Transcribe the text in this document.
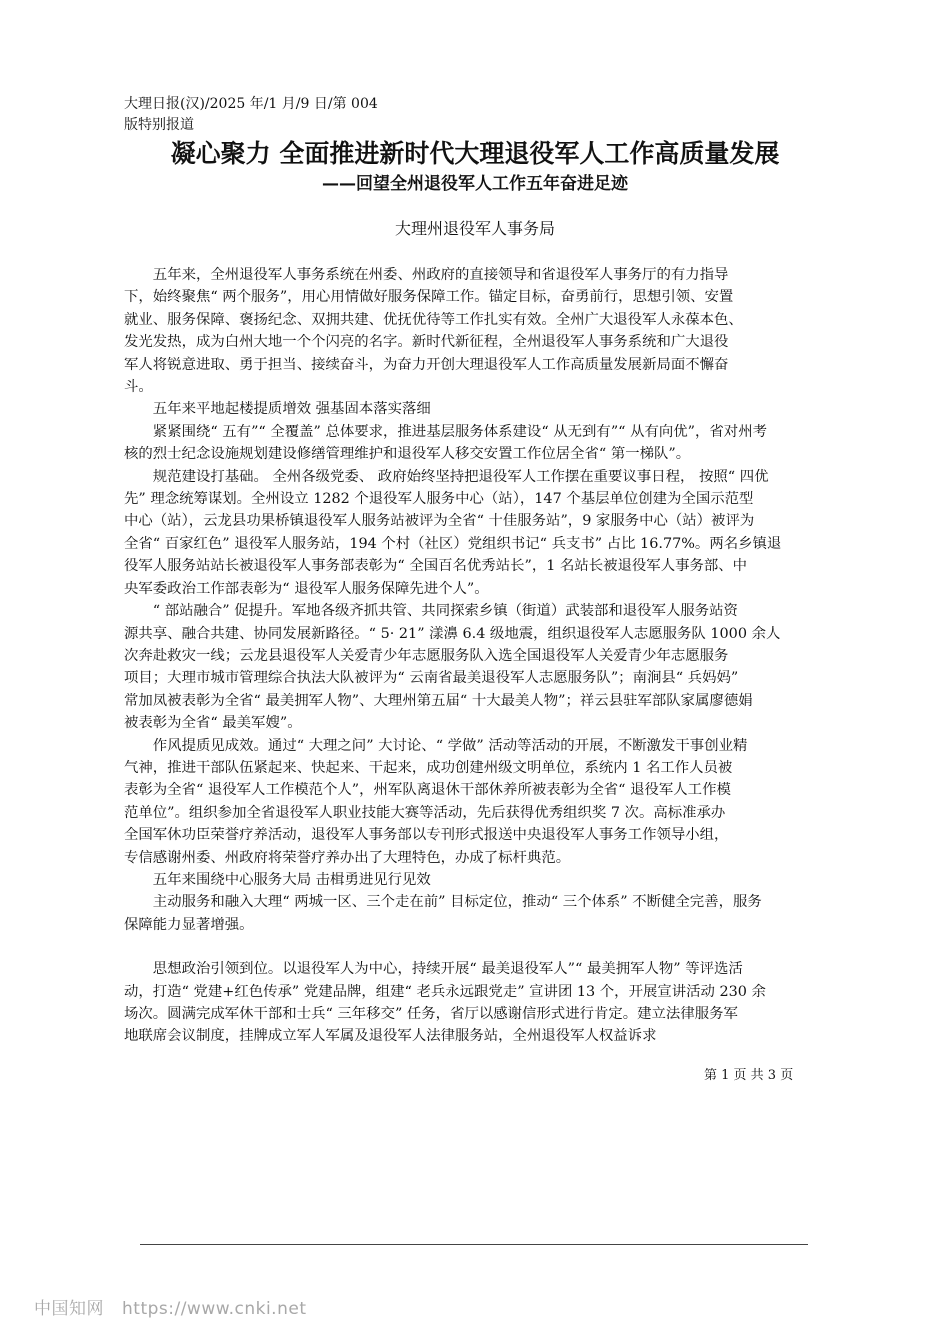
大理日报(汉)/2025 年/1 月/9 日/第 004
版特别报道
凝心聚力 全面推进新时代大理退役军人工作高质量发展
——回望全州退役军人工作五年奋进足迹
大理州退役军人事务局

五年来，全州退役军人事务系统在州委、州政府的直接领导和省退役军人事务厅的有力指导
下，始终聚焦“ 两个服务”，用心用情做好服务保障工作。锚定目标，奋勇前行，思想引领、安置
就业、服务保障、褒扬纪念、双拥共建、优抚优待等工作扎实有效。全州广大退役军人永葆本色、
发光发热，成为白州大地一个个闪亮的名字。新时代新征程，全州退役军人事务系统和广大退役
军人将锐意进取、勇于担当、接续奋斗，为奋力开创大理退役军人工作高质量发展新局面不懈奋
斗。

五年来平地起楼提质增效 强基固本落实落细

紧紧围绕“ 五有”“ 全覆盖” 总体要求，推进基层服务体系建设“ 从无到有”“ 从有向优”，省对州考
核的烈士纪念设施规划建设修缮管理维护和退役军人移交安置工作位居全省“ 第一梯队”。

规范建设打基础。 全州各级党委、 政府始终坚持把退役军人工作摆在重要议事日程， 按照“ 四优
先” 理念统筹谋划。全州设立 1282 个退役军人服务中心（站），147 个基层单位创建为全国示范型
中心（站），云龙县功果桥镇退役军人服务站被评为全省“ 十佳服务站”，9 家服务中心（站）被评为
全省“ 百家红色” 退役军人服务站，194 个村（社区）党组织书记“ 兵支书” 占比 16.77%。两名乡镇退
役军人服务站站长被退役军人事务部表彰为“ 全国百名优秀站长”，1 名站长被退役军人事务部、中
央军委政治工作部表彰为“ 退役军人服务保障先进个人”。

“ 部站融合” 促提升。军地各级齐抓共管、共同探索乡镇（街道）武装部和退役军人服务站资
源共享、融合共建、协同发展新路径。“ 5· 21” 漾濞 6.4 级地震，组织退役军人志愿服务队 1000 余人
次奔赴救灾一线；云龙县退役军人关爱青少年志愿服务队入选全国退役军人关爱青少年志愿服务
项目；大理市城市管理综合执法大队被评为“ 云南省最美退役军人志愿服务队”；南涧县“ 兵妈妈”
常加凤被表彰为全省“ 最美拥军人物”、大理州第五届“ 十大最美人物”；祥云县驻军部队家属廖德娟
被表彰为全省“ 最美军嫂”。

作风提质见成效。通过“ 大理之问” 大讨论、“ 学做” 活动等活动的开展，不断激发干事创业精
气神，推进干部队伍紧起来、快起来、干起来，成功创建州级文明单位，系统内 1 名工作人员被
表彰为全省“ 退役军人工作模范个人”，州军队离退休干部休养所被表彰为全省“ 退役军人工作模
范单位”。组织参加全省退役军人职业技能大赛等活动，先后获得优秀组织奖 7 次。高标准承办
全国军休功臣荣誉疗养活动，退役军人事务部以专刊形式报送中央退役军人事务工作领导小组，
专信感谢州委、州政府将荣誉疗养办出了大理特色，办成了标杆典范。

五年来围绕中心服务大局 击楫勇进见行见效

主动服务和融入大理“ 两城一区、三个走在前” 目标定位，推动“ 三个体系” 不断健全完善，服务
保障能力显著增强。

思想政治引领到位。以退役军人为中心，持续开展“ 最美退役军人”“ 最美拥军人物” 等评选活
动，打造“ 党建+红色传承” 党建品牌，组建“ 老兵永远跟党走” 宣讲团 13 个，开展宣讲活动 230 余
场次。圆满完成军休干部和士兵“ 三年移交” 任务，省厅以感谢信形式进行肯定。建立法律服务军
地联席会议制度，挂牌成立军人军属及退役军人法律服务站，全州退役军人权益诉求

第 1 页 共 3 页
中国知网 https://www.cnki.net
